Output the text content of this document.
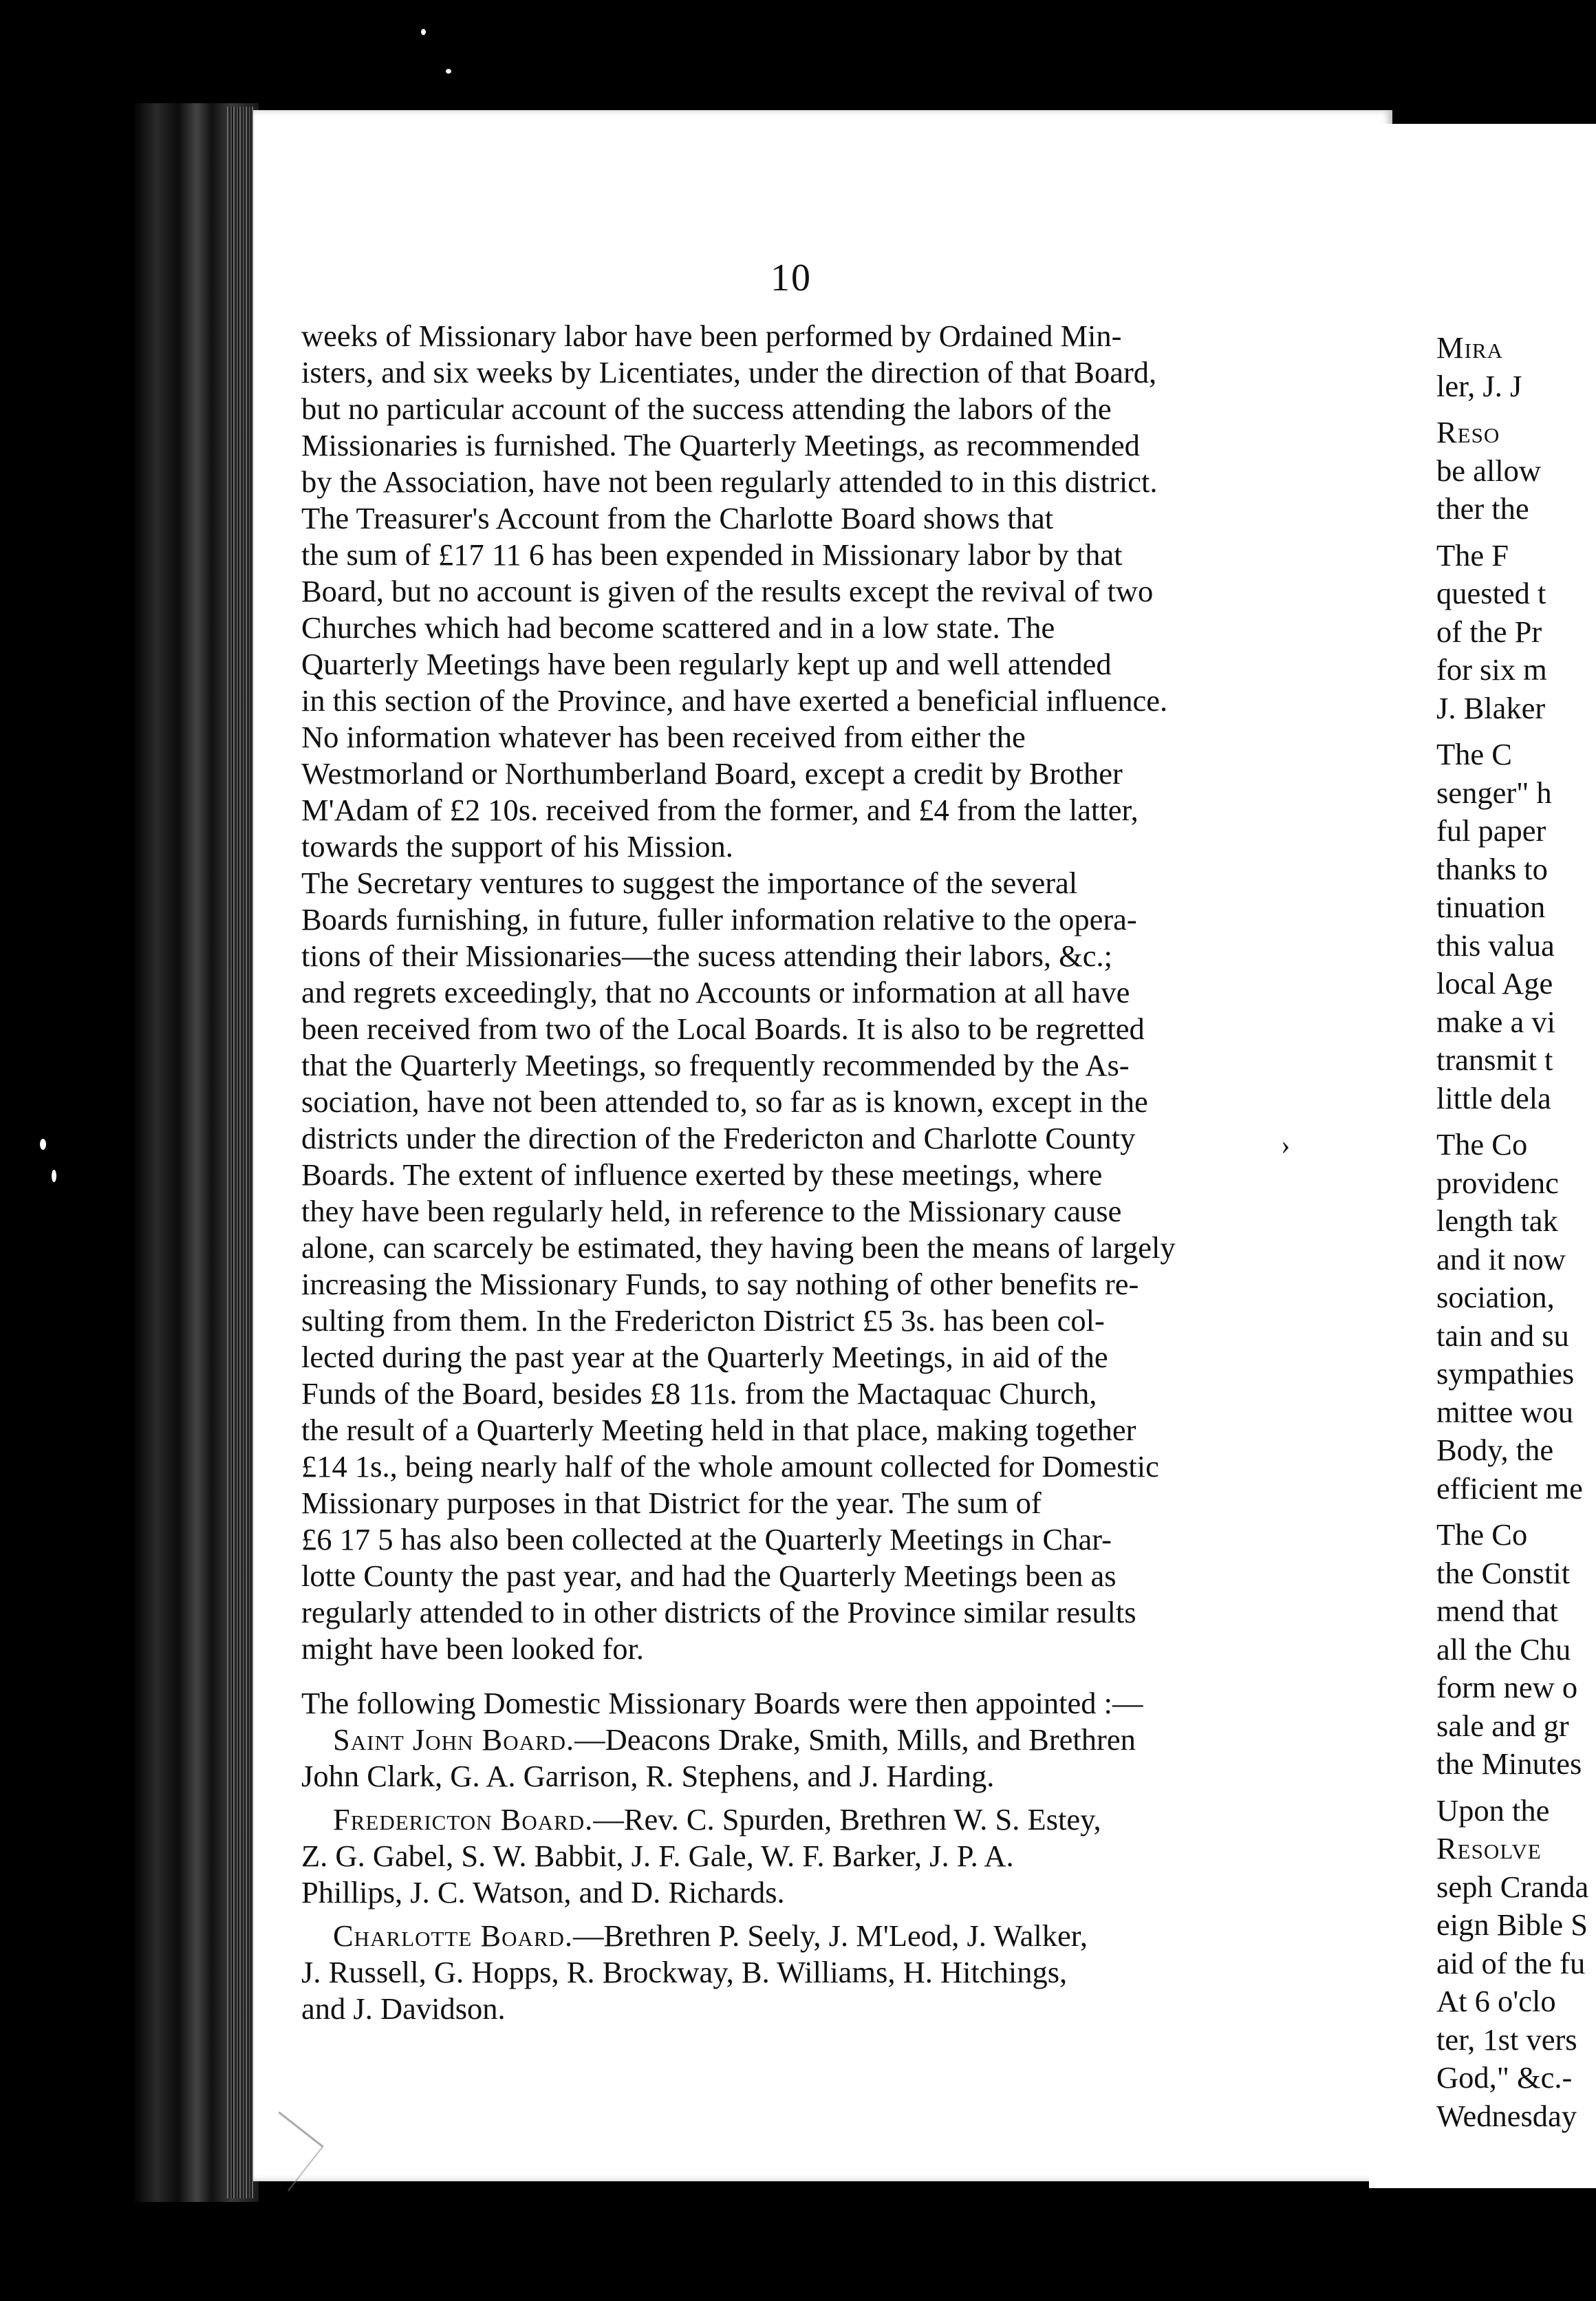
10
weeks of Missionary labor have been performed by Ordained Min-
isters, and six weeks by Licentiates, under the direction of that Board,
but no particular account of the success attending the labors of the
Missionaries is furnished. The Quarterly Meetings, as recommended
by the Association, have not been regularly attended to in this district.
The Treasurer's Account from the Charlotte Board shows that
the sum of £17 11 6 has been expended in Missionary labor by that
Board, but no account is given of the results except the revival of two
Churches which had become scattered and in a low state. The
Quarterly Meetings have been regularly kept up and well attended
in this section of the Province, and have exerted a beneficial influence.
No information whatever has been received from either the
Westmorland or Northumberland Board, except a credit by Brother
M'Adam of £2 10s. received from the former, and £4 from the latter,
towards the support of his Mission.
The Secretary ventures to suggest the importance of the several
Boards furnishing, in future, fuller information relative to the opera-
tions of their Missionaries—the sucess attending their labors, &c.;
and regrets exceedingly, that no Accounts or information at all have
been received from two of the Local Boards. It is also to be regretted
that the Quarterly Meetings, so frequently recommended by the As-
sociation, have not been attended to, so far as is known, except in the
districts under the direction of the Fredericton and Charlotte County
Boards. The extent of influence exerted by these meetings, where
they have been regularly held, in reference to the Missionary cause
alone, can scarcely be estimated, they having been the means of largely
increasing the Missionary Funds, to say nothing of other benefits re-
sulting from them. In the Fredericton District £5 3s. has been col-
lected during the past year at the Quarterly Meetings, in aid of the
Funds of the Board, besides £8 11s. from the Mactaquac Church,
the result of a Quarterly Meeting held in that place, making together
£14 1s., being nearly half of the whole amount collected for Domestic
Missionary purposes in that District for the year. The sum of
£6 17 5 has also been collected at the Quarterly Meetings in Char-
lotte County the past year, and had the Quarterly Meetings been as
regularly attended to in other districts of the Province similar results
might have been looked for.
The following Domestic Missionary Boards were then appointed :—
Saint John Board.—Deacons Drake, Smith, Mills, and Brethren
John Clark, G. A. Garrison, R. Stephens, and J. Harding.
Fredericton Board.—Rev. C. Spurden, Brethren W. S. Estey,
Z. G. Gabel, S. W. Babbit, J. F. Gale, W. F. Barker, J. P. A.
Phillips, J. C. Watson, and D. Richards.
Charlotte Board.—Brethren P. Seely, J. M'Leod, J. Walker,
J. Russell, G. Hopps, R. Brockway, B. Williams, H. Hitchings,
and J. Davidson.
›
Mira
ler, J. J
Reso
be allow
ther the
The F
quested t
of the Pr
for six m
J. Blaker
The C
senger" h
ful paper
thanks to
tinuation
this valua
local Age
make a vi
transmit t
little dela
The Co
providenc
length tak
and it now
sociation,
tain and su
sympathies
mittee wou
Body, the
efficient me
The Co
the Constit
mend that
all the Chu
form new o
sale and gr
the Minutes
Upon the
Resolve
seph Cranda
eign Bible S
aid of the fu
At 6 o'clo
ter, 1st vers
God," &c.-
Wednesday
